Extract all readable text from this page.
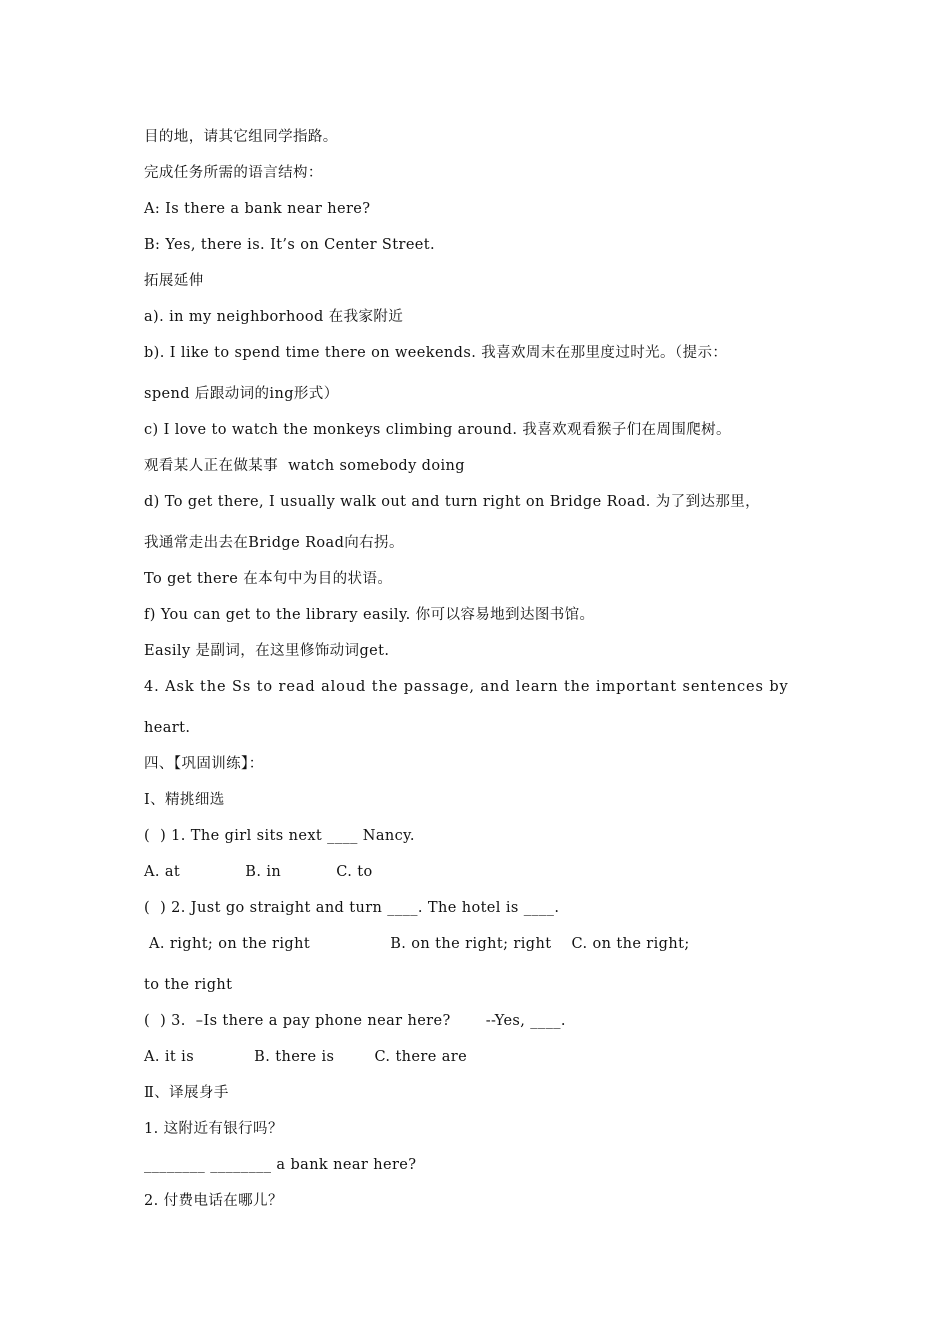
目的地，请其它组同学指路。
完成任务所需的语言结构：
A: Is there a bank near here?
B: Yes, there is. It’s on Center Street.
拓展延伸
a). in my neighborhood 在我家附近
b). I like to spend time there on weekends. 我喜欢周末在那里度过时光。（提示：
spend 后跟动词的ing形式）
c) I love to watch the monkeys climbing around. 我喜欢观看猴子们在周围爬树。
观看某人正在做某事  watch somebody doing
d) To get there, I usually walk out and turn right on Bridge Road. 为了到达那里，
我通常走出去在Bridge Road向右拐。
To get there 在本句中为目的状语。
f) You can get to the library easily. 你可以容易地到达图书馆。
Easily 是副词，在这里修饰动词get.
4. Ask the Ss to read aloud the passage, and learn the important sentences by
heart.
四、【巩固训练】：
I、精挑细选
(  ) 1. The girl sits next ____ Nancy.
A. at             B. in           C. to
(  ) 2. Just go straight and turn ____. The hotel is ____.
A. right; on the right                B. on the right; right    C. on the right;
to the right
(  ) 3.  –Is there a pay phone near here?       --Yes, ____.
A. it is            B. there is        C. there are
Ⅱ、译展身手
1. 这附近有银行吗？
________ ________ a bank near here?
2. 付费电话在哪儿？
